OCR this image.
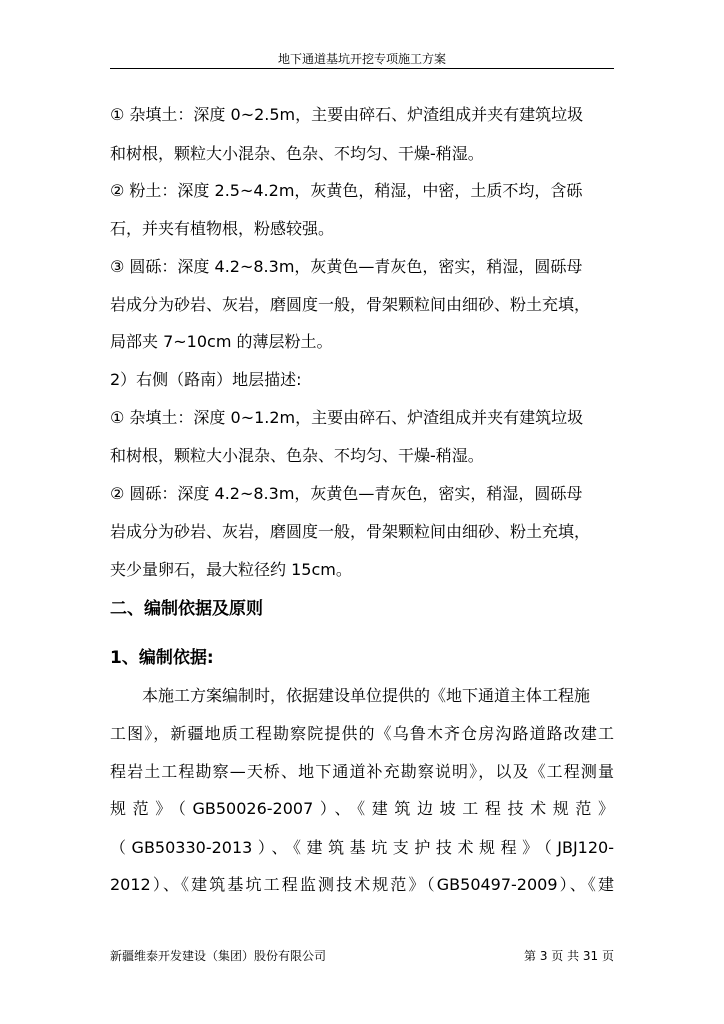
地下通道基坑开挖专项施工方案
① 杂填土：深度 0~2.5m，主要由碎石、炉渣组成并夹有建筑垃圾
和树根，颗粒大小混杂、色杂、不均匀、干燥-稍湿。
② 粉土：深度 2.5~4.2m，灰黄色，稍湿，中密，土质不均，含砾
石，并夹有植物根，粉感较强。
③ 圆砾：深度 4.2~8.3m，灰黄色—青灰色，密实，稍湿，圆砾母
岩成分为砂岩、灰岩，磨圆度一般，骨架颗粒间由细砂、粉土充填，
局部夹 7~10cm 的薄层粉土。
2）右侧（路南）地层描述:
① 杂填土：深度 0~1.2m，主要由碎石、炉渣组成并夹有建筑垃圾
和树根，颗粒大小混杂、色杂、不均匀、干燥-稍湿。
② 圆砾：深度 4.2~8.3m，灰黄色—青灰色，密实，稍湿，圆砾母
岩成分为砂岩、灰岩，磨圆度一般，骨架颗粒间由细砂、粉土充填，
夹少量卵石，最大粒径约 15cm。
二、编制依据及原则
1、编制依据:
本施工方案编制时，依据建设单位提供的《地下通道主体工程施
工图》，新疆地质工程勘察院提供的《乌鲁木齐仓房沟路道路改建工
程岩土工程勘察—天桥、地下通道补充勘察说明》，以及《工程测量
规范》（GB50026-2007）、《建筑边坡工程技术规范》
（GB50330-2013）、《建筑基坑支护技术规程》（JBJ120-
2012）、《建筑基坑工程监测技术规范》（GB50497-2009）、《建
新疆维泰开发建设（集团）股份有限公司	第 3 页 共 31 页
